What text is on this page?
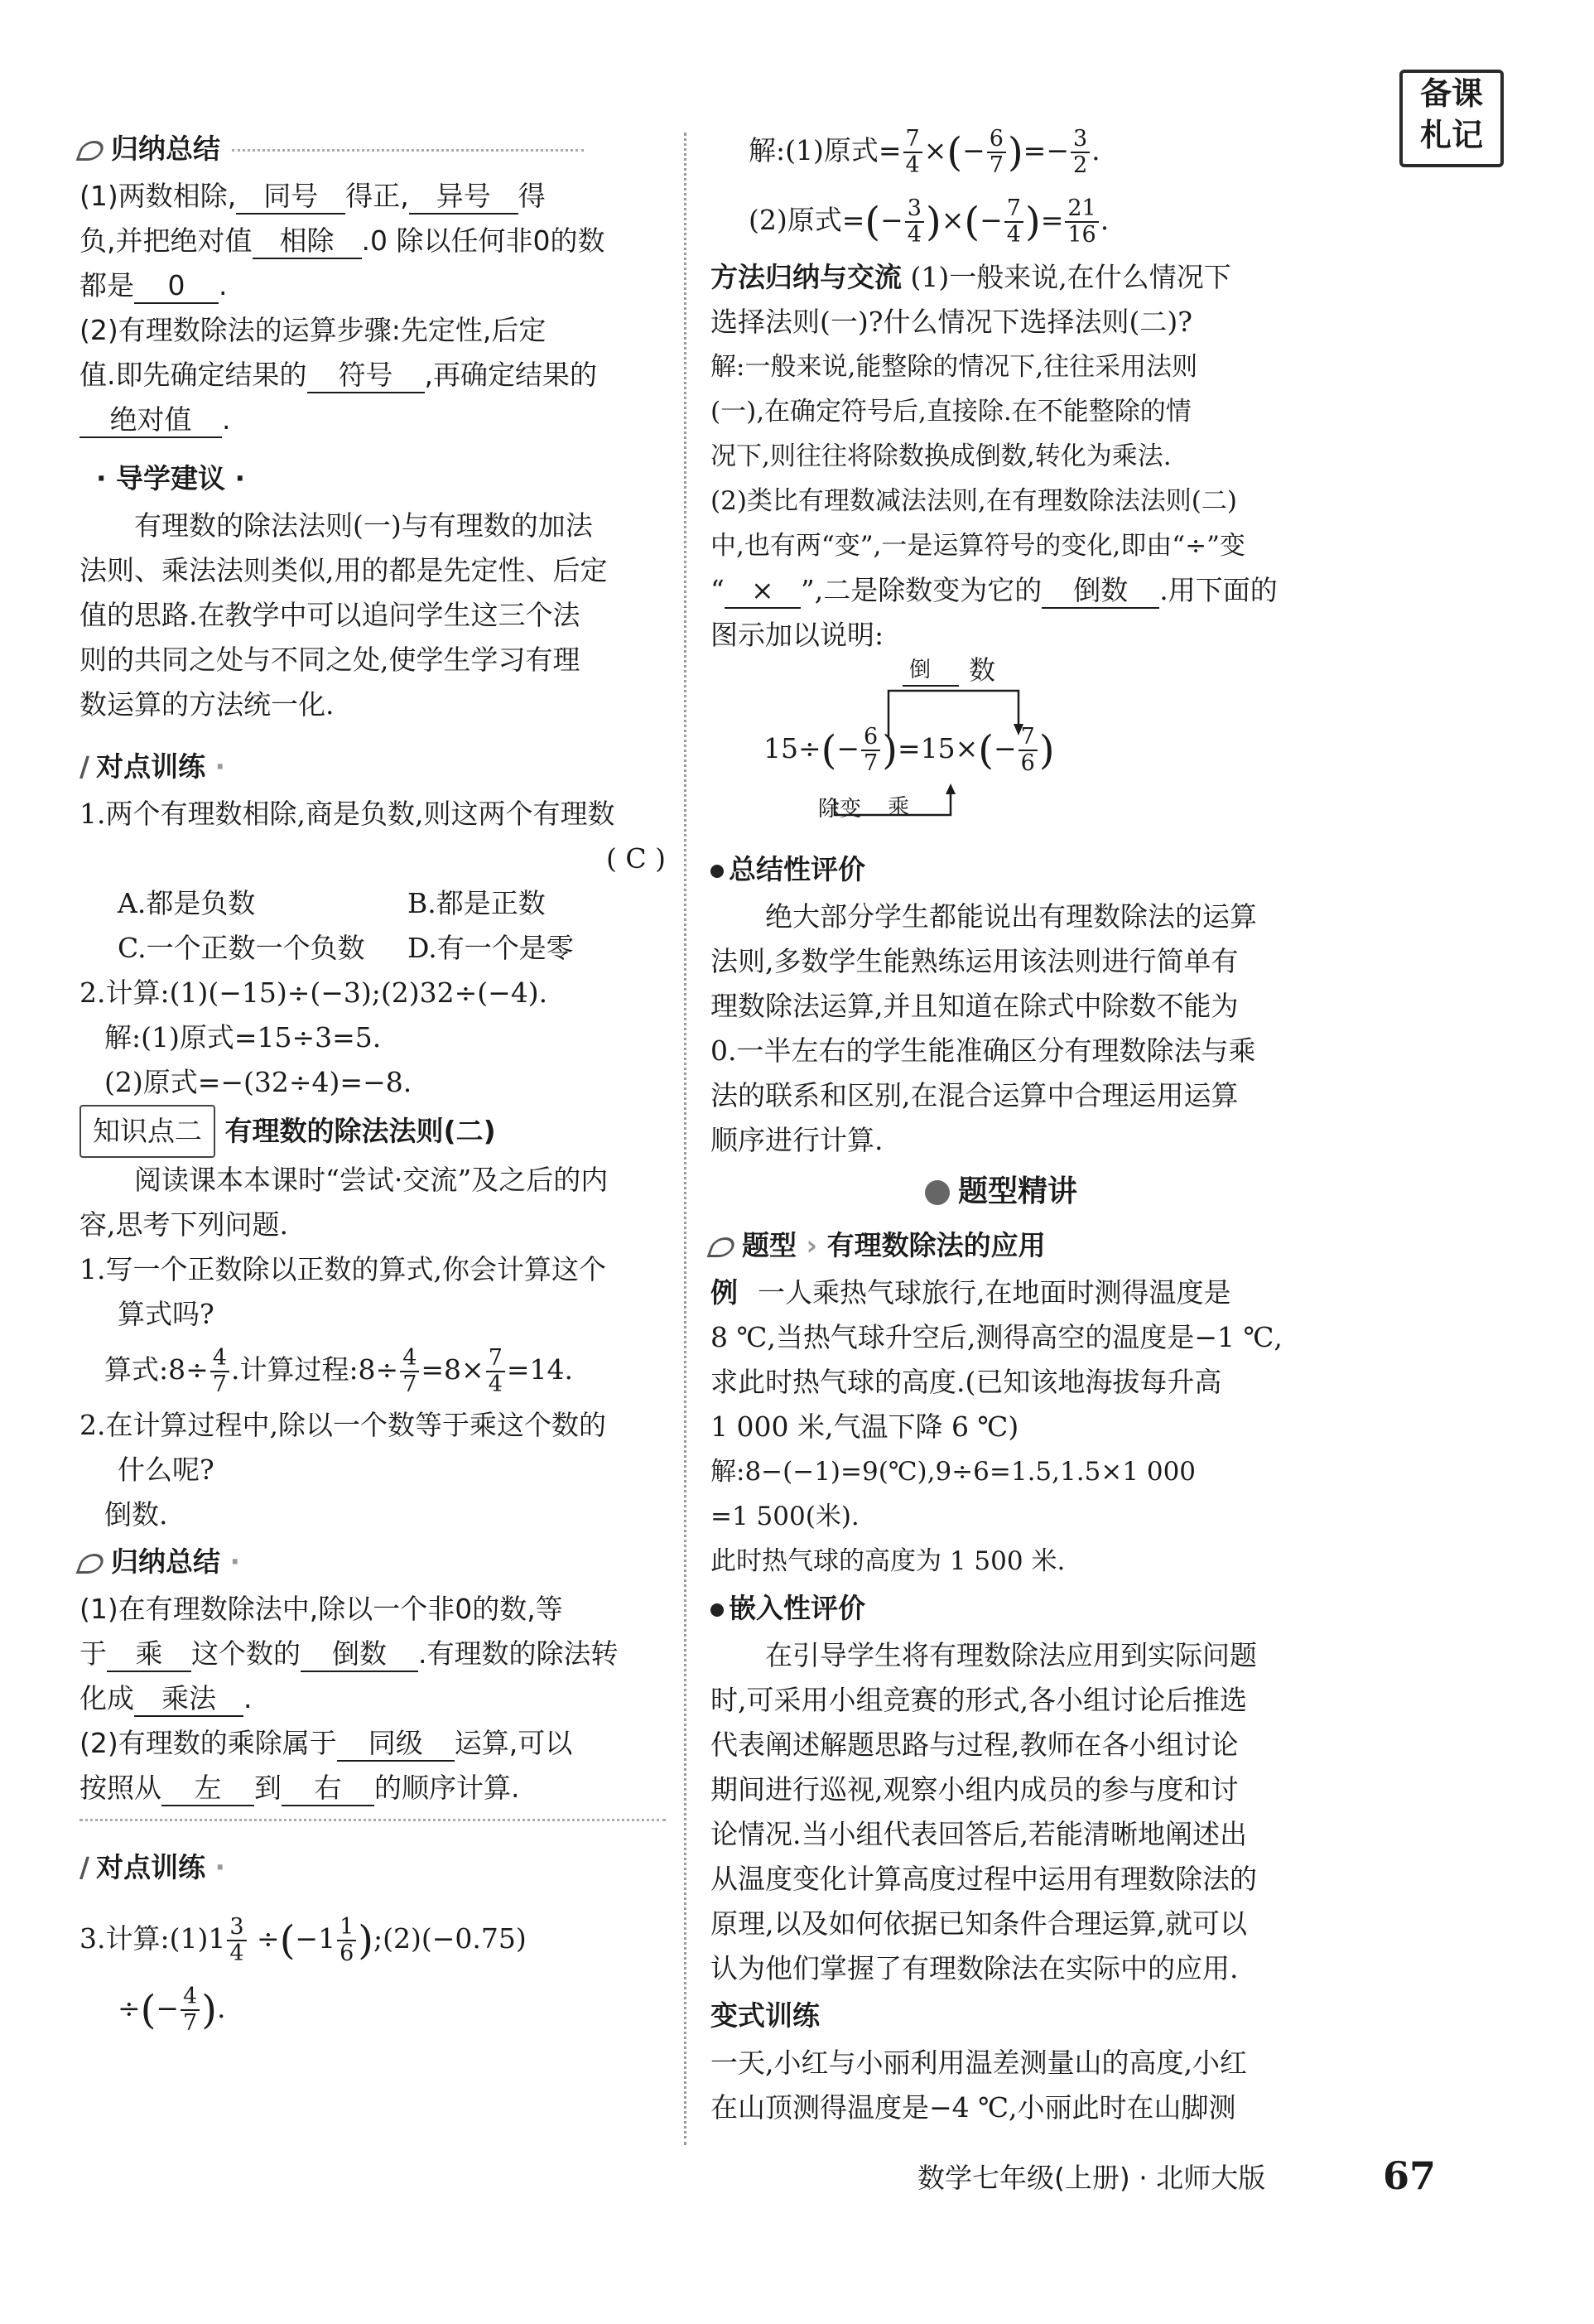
备课
札记
归纳总结
(1)两数相除, 同号 得正, 异号 得
负,并把绝对值 相除 .0 除以任何非0的数
都是 0 .
(2)有理数除法的运算步骤:先定性,后定
值.即先确定结果的 符号 ,再确定结果的
绝对值 .
· 导学建议 ·
有理数的除法法则(一)与有理数的加法
法则、乘法法则类似,用的都是先定性、后定
值的思路.在教学中可以追问学生这三个法
则的共同之处与不同之处,使学生学习有理
数运算的方法统一化.
/ 对点训练 ·
1.两个有理数相除,商是负数,则这两个有理数
( C )
A.都是负数	B.都是正数
C.一个正数一个负数 D.有一个是零
2.计算:(1)(−15)÷(−3);(2)32÷(−4).
解:(1)原式=15÷3=5.
(2)原式=−(32÷4)=−8.
知识点二 有理数的除法法则(二)
阅读课本本课时“尝试·交流”及之后的内
容,思考下列问题.
1.写一个正数除以正数的算式,你会计算这个
算式吗?
算式:8÷ $\frac{4}{7}$ .计算过程:8÷ $\frac{4}{7} =8\times \frac{7}{4} =14$.
2.在计算过程中,除以一个数等于乘这个数的
什么呢?
倒数.
归纳总结 ·
(1)在有理数除法中,除以一个非0的数,等
于 乘 这个数的 倒数 .有理数的除法转
化成 乘法 .
(2)有理数的乘除属于 同级 运算,可以
按照从 左 到 右 的顺序计算.
/ 对点训练 ·
3.计算:(1)1 $\frac{3}{4} \div(-1 \frac{1}{6}$ );(2)(−0.75)
÷(− $\frac{4}{7}$ ).
解:(1)原式= $\frac{7}{4}$ ×(− $\frac{6}{7}$ )=− $\frac{3}{2}$ .
(2)原式=(− $\frac{3}{4}$ )×(− $\frac{7}{4}$ )= $\frac{21}{16}$ .
方法归纳与交流 (1)一般来说,在什么情况下
选择法则(一)?什么情况下选择法则(二)?
解:一般来说,能整除的情况下,往往采用法则
(一),在确定符号后,直接除.在不能整除的情
况下,则往往将除数换成倒数,转化为乘法.
(2)类比有理数减法法则,在有理数除法法则(二)
中,也有两“变”,一是运算符号的变化,即由“÷”变
“ × ”,二是除数变为它的 倒数 .用下面的
图示加以说明:
倒 数
$15\div(- \frac{6}{7} )=15\times(- \frac{7}{6}$ )
除变 乘
总结性评价
绝大部分学生都能说出有理数除法的运算
法则,多数学生能熟练运用该法则进行简单有
理数除法运算,并且知道在除式中除数不能为
0.一半左右的学生能准确区分有理数除法与乘
法的联系和区别,在混合运算中合理运用运算
顺序进行计算.
题型精讲
题型 › 有理数除法的应用
例 一人乘热气球旅行,在地面时测得温度是
8 ℃,当热气球升空后,测得高空的温度是−1 ℃,
求此时热气球的高度.(已知该地海拔每升高
1 000 米,气温下降 6 ℃)
解:8−(−1)=9(℃),9÷6=1.5,1.5×1 000
=1 500(米).
此时热气球的高度为 1 500 米.
嵌入性评价
在引导学生将有理数除法应用到实际问题
时,可采用小组竞赛的形式,各小组讨论后推选
代表阐述解题思路与过程,教师在各小组讨论
期间进行巡视,观察小组内成员的参与度和讨
论情况.当小组代表回答后,若能清晰地阐述出
从温度变化计算高度过程中运用有理数除法的
原理,以及如何依据已知条件合理运算,就可以
认为他们掌握了有理数除法在实际中的应用.
变式训练
一天,小红与小丽利用温差测量山的高度,小红
在山顶测得温度是−4 ℃,小丽此时在山脚测
数学七年级(上册) · 北师大版	67
